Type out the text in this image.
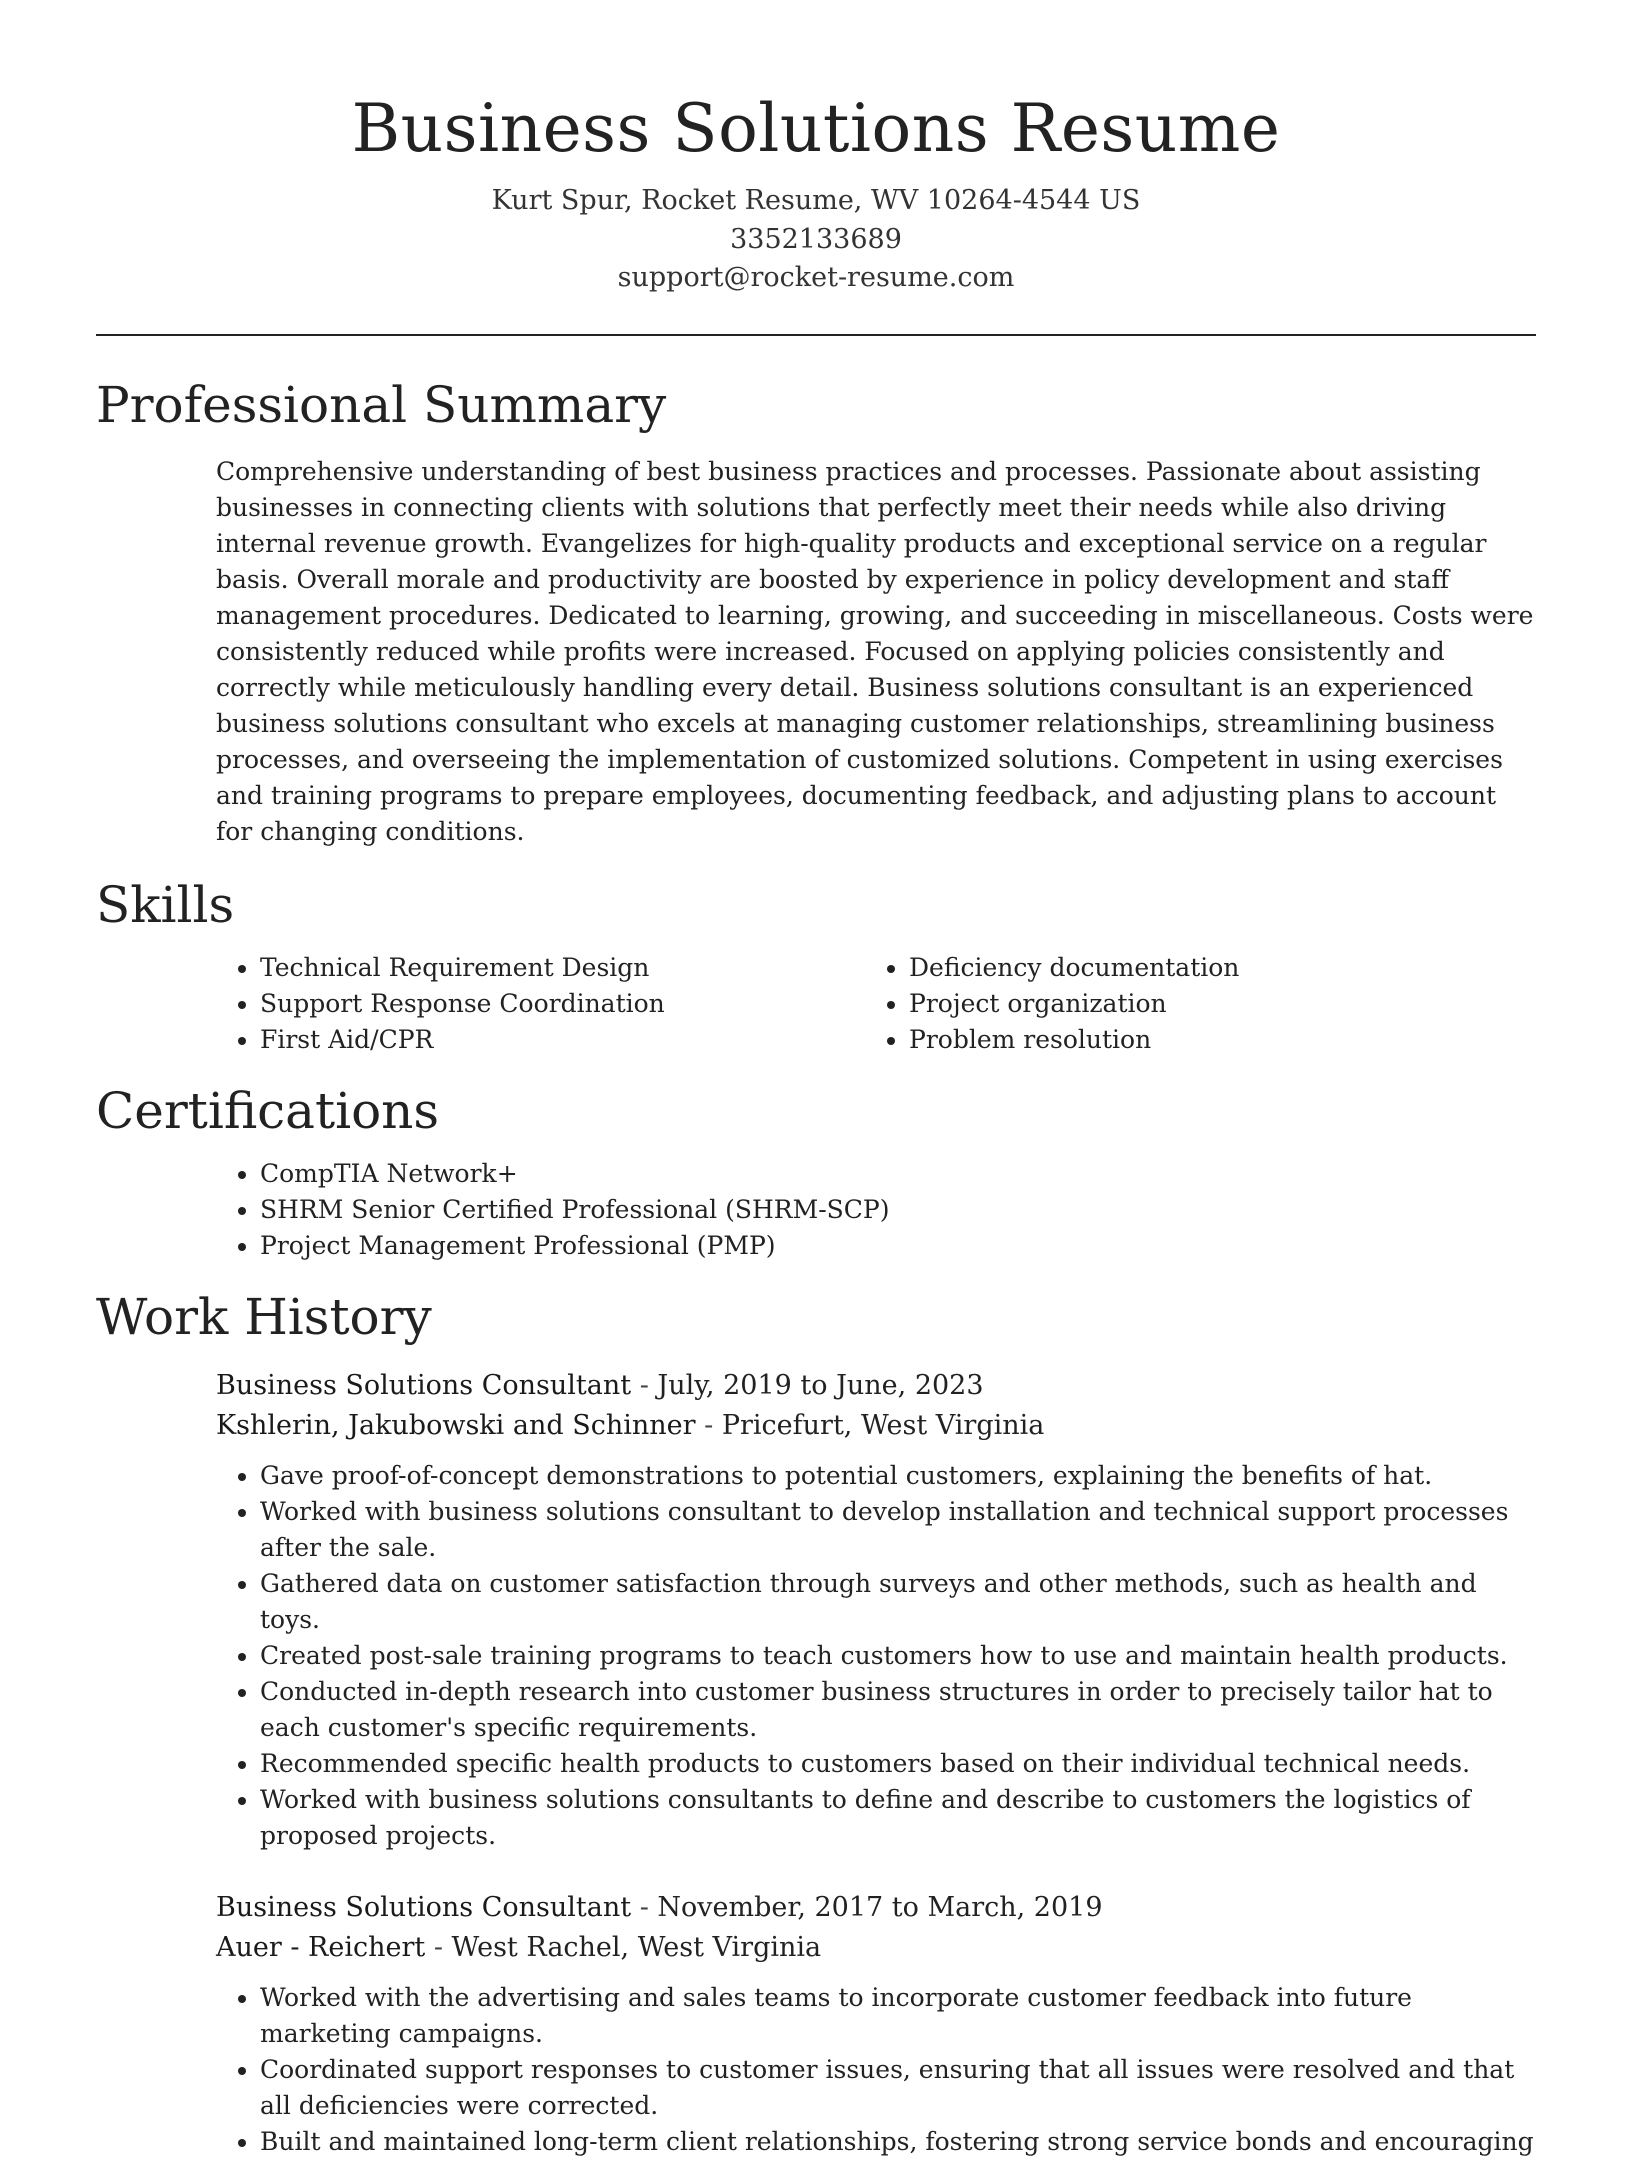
Business Solutions Resume
Kurt Spur, Rocket Resume, WV 10264-4544 US
3352133689
support@rocket-resume.com
Professional Summary

Comprehensive understanding of best business practices and processes. Passionate about assisting businesses in connecting clients with solutions that perfectly meet their needs while also driving internal revenue growth. Evangelizes for high-quality products and exceptional service on a regular basis. Overall morale and productivity are boosted by experience in policy development and staff management procedures. Dedicated to learning, growing, and succeeding in miscellaneous. Costs were consistently reduced while profits were increased. Focused on applying policies consistently and correctly while meticulously handling every detail. Business solutions consultant is an experienced business solutions consultant who excels at managing customer relationships, streamlining business processes, and overseeing the implementation of customized solutions. Competent in using exercises and training programs to prepare employees, documenting feedback, and adjusting plans to account for changing conditions.

Skills
• Technical Requirement Design
• Support Response Coordination
• First Aid/CPR
• Deficiency documentation
• Project organization
• Problem resolution
Certifications
• CompTIA Network+
• SHRM Senior Certified Professional (SHRM-SCP)
• Project Management Professional (PMP)
Work History
Business Solutions Consultant - July, 2019 to June, 2023
Kshlerin, Jakubowski and Schinner - Pricefurt, West Virginia
• Gave proof-of-concept demonstrations to potential customers, explaining the benefits of hat.
• Worked with business solutions consultant to develop installation and technical support processes after the sale.
• Gathered data on customer satisfaction through surveys and other methods, such as health and toys.
• Created post-sale training programs to teach customers how to use and maintain health products.
• Conducted in-depth research into customer business structures in order to precisely tailor hat to each customer's specific requirements.
• Recommended specific health products to customers based on their individual technical needs.
• Worked with business solutions consultants to define and describe to customers the logistics of proposed projects.
Business Solutions Consultant - November, 2017 to March, 2019
Auer - Reichert - West Rachel, West Virginia
• Worked with the advertising and sales teams to incorporate customer feedback into future marketing campaigns.
• Coordinated support responses to customer issues, ensuring that all issues were resolved and that all deficiencies were corrected.
• Built and maintained long-term client relationships, fostering strong service bonds and encouraging
